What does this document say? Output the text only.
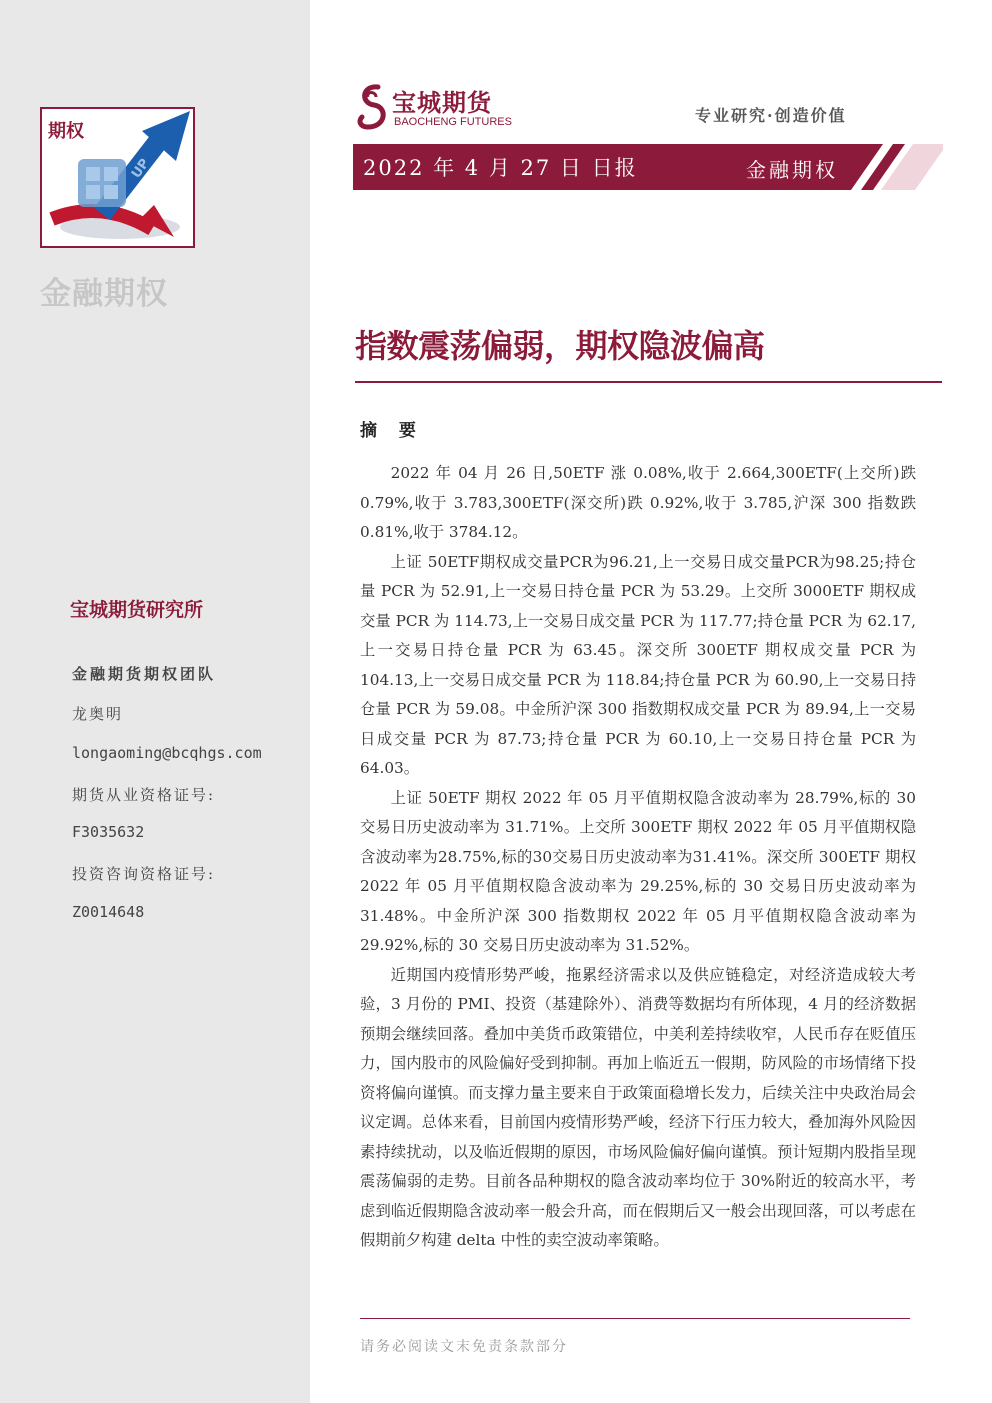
UP
期权
金融期权
宝城期货研究所
金融期货期权团队
龙奥明
longaoming@bcqhgs.com
期货从业资格证号:
F3035632
投资咨询资格证号:
Z0014648
宝城期货
BAOCHENG FUTURES	专业研究·创造价值
2022 年 4 月 27 日 日报	金融期权
指数震荡偏弱，期权隐波偏高
摘 要

2022 年 04 月 26 日,50ETF 涨 0.08%,收于 2.664,300ETF(上交所)跌 0.79%,收于 3.783,300ETF(深交所)跌 0.92%,收于 3.785,沪深 300 指数跌 0.81%,收于 3784.12。

上证 50ETF期权成交量PCR为96.21,上一交易日成交量PCR为98.25;持仓量 PCR 为 52.91,上一交易日持仓量 PCR 为 53.29。上交所 3000ETF 期权成交量 PCR 为 114.73,上一交易日成交量 PCR 为 117.77;持仓量 PCR 为 62.17,上一交易日持仓量 PCR 为 63.45。深交所 300ETF 期权成交量 PCR 为 104.13,上一交易日成交量 PCR 为 118.84;持仓量 PCR 为 60.90,上一交易日持仓量 PCR 为 59.08。中金所沪深 300 指数期权成交量 PCR 为 89.94,上一交易日成交量 PCR 为 87.73;持仓量 PCR 为 60.10,上一交易日持仓量 PCR 为 64.03。

上证 50ETF 期权 2022 年 05 月平值期权隐含波动率为 28.79%,标的 30 交易日历史波动率为 31.71%。上交所 300ETF 期权 2022 年 05 月平值期权隐含波动率为28.75%,标的30交易日历史波动率为31.41%。深交所 300ETF 期权 2022 年 05 月平值期权隐含波动率为 29.25%,标的 30 交易日历史波动率为 31.48%。中金所沪深 300 指数期权 2022 年 05 月平值期权隐含波动率为 29.92%,标的 30 交易日历史波动率为 31.52%。

近期国内疫情形势严峻，拖累经济需求以及供应链稳定，对经济造成较大考验，3 月份的 PMI、投资（基建除外）、消费等数据均有所体现，4 月的经济数据预期会继续回落。叠加中美货币政策错位，中美利差持续收窄，人民币存在贬值压力，国内股市的风险偏好受到抑制。再加上临近五一假期，防风险的市场情绪下投资将偏向谨慎。而支撑力量主要来自于政策面稳增长发力，后续关注中央政治局会议定调。总体来看，目前国内疫情形势严峻，经济下行压力较大，叠加海外风险因素持续扰动，以及临近假期的原因，市场风险偏好偏向谨慎。预计短期内股指呈现震荡偏弱的走势。目前各品种期权的隐含波动率均位于 30%附近的较高水平，考虑到临近假期隐含波动率一般会升高，而在假期后又一般会出现回落，可以考虑在假期前夕构建 delta 中性的卖空波动率策略。

请务必阅读文末免责条款部分
